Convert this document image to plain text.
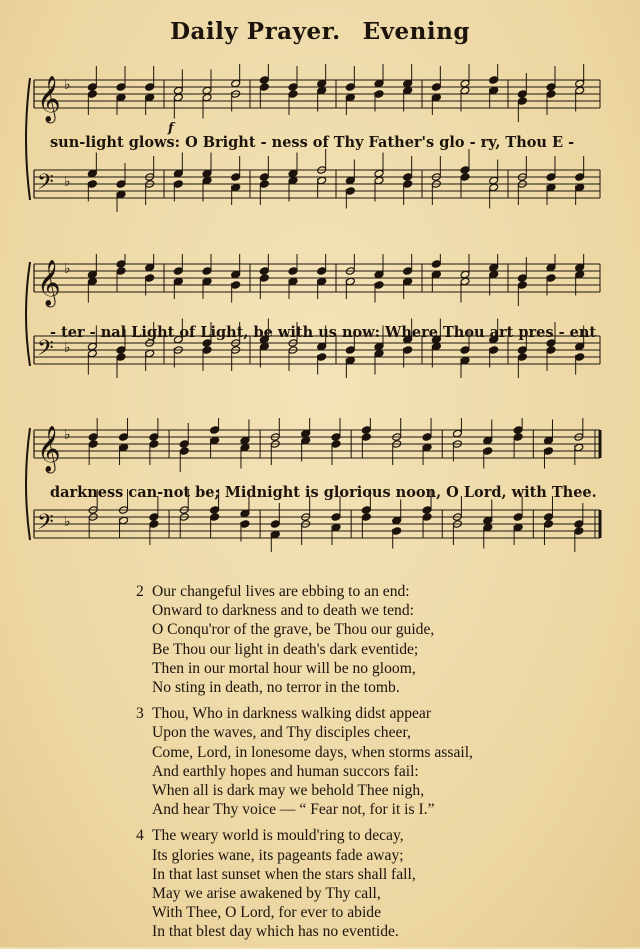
Daily Prayer. Evening
𝄞 ♭
𝄢 ♭
f
sun-light glows: O Bright - ness of Thy Father's glo - ry, Thou E -
𝄞 ♭
𝄢 ♭
- ter - nal Light of Light, be with us now: Where Thou art pres - ent
𝄞 ♭
𝄢 ♭
darkness can-not be; Midnight is glorious noon, O Lord, with Thee.
2 Our changeful lives are ebbing to an end:
Onward to darkness and to death we tend:
O Conqu'ror of the grave, be Thou our guide,
Be Thou our light in death's dark eventide;
Then in our mortal hour will be no gloom,
No sting in death, no terror in the tomb.
3 Thou, Who in darkness walking didst appear
Upon the waves, and Thy disciples cheer,
Come, Lord, in lonesome days, when storms assail,
And earthly hopes and human succors fail:
When all is dark may we behold Thee nigh,
And hear Thy voice — “ Fear not, for it is I.”
4 The weary world is mould'ring to decay,
Its glories wane, its pageants fade away;
In that last sunset when the stars shall fall,
May we arise awakened by Thy call,
With Thee, O Lord, for ever to abide
In that blest day which has no eventide.
